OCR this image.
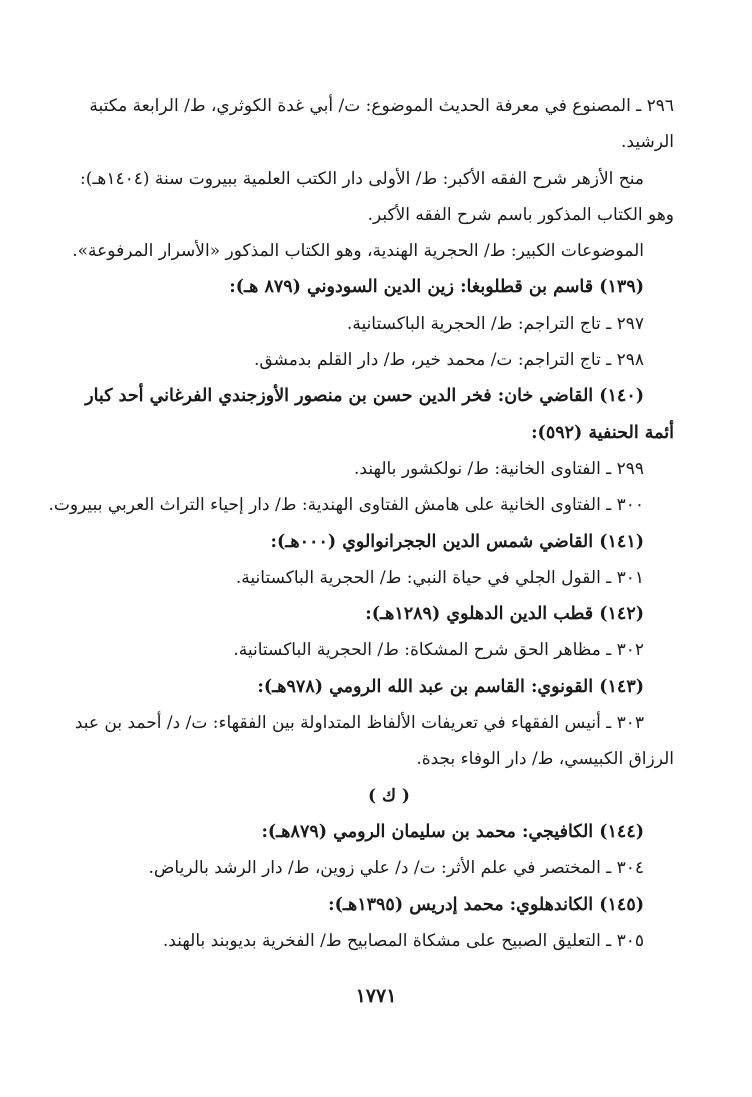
٢٩٦ ـ المصنوع في معرفة الحديث الموضوع: ت/ أبي غدة الكوثري، ط/ الرابعة مكتبة
الرشيد.
منح الأزهر شرح الفقه الأكبر: ط/ الأولى دار الكتب العلمية ببيروت سنة (١٤٠٤هـ):
وهو الكتاب المذكور باسم شرح الفقه الأكبر.
الموضوعات الكبير: ط/ الحجرية الهندية، وهو الكتاب المذكور «الأسرار المرفوعة».
(١٣٩) قاسم بن قطلوبغا: زين الدين السودوني (٨٧٩ هـ):
٢٩٧ ـ تاج التراجم: ط/ الحجرية الباكستانية.
٢٩٨ ـ تاج التراجم: ت/ محمد خير، ط/ دار القلم بدمشق.
(١٤٠) القاضي خان: فخر الدين حسن بن منصور الأوزجندي الفرغاني أحد كبار
أئمة الحنفية (٥٩٢):
٢٩٩ ـ الفتاوى الخانية: ط/ نولكشور بالهند.
٣٠٠ ـ الفتاوى الخانية على هامش الفتاوى الهندية: ط/ دار إحياء التراث العربي ببيروت.
(١٤١) القاضي شمس الدين الججرانوالوي (٠٠٠هـ):
٣٠١ ـ القول الجلي في حياة النبي: ط/ الحجرية الباكستانية.
(١٤٢) قطب الدين الدهلوي (١٢٨٩هـ):
٣٠٢ ـ مظاهر الحق شرح المشكاة: ط/ الحجرية الباكستانية.
(١٤٣) القونوي: القاسم بن عبد الله الرومي (٩٧٨هـ):
٣٠٣ ـ أنيس الفقهاء في تعريفات الألفاظ المتداولة بين الفقهاء: ت/ د/ أحمد بن عبد
الرزاق الكبيسي، ط/ دار الوفاء بجدة.
( ك )
(١٤٤) الكافيجي: محمد بن سليمان الرومي (٨٧٩هـ):
٣٠٤ ـ المختصر في علم الأثر: ت/ د/ علي زوين، ط/ دار الرشد بالرياض.
(١٤٥) الكاندهلوي: محمد إدريس (١٣٩٥هـ):
٣٠٥ ـ التعليق الصبيح على مشكاة المصابيح ط/ الفخرية بديوبند بالهند.
١٧٧١
